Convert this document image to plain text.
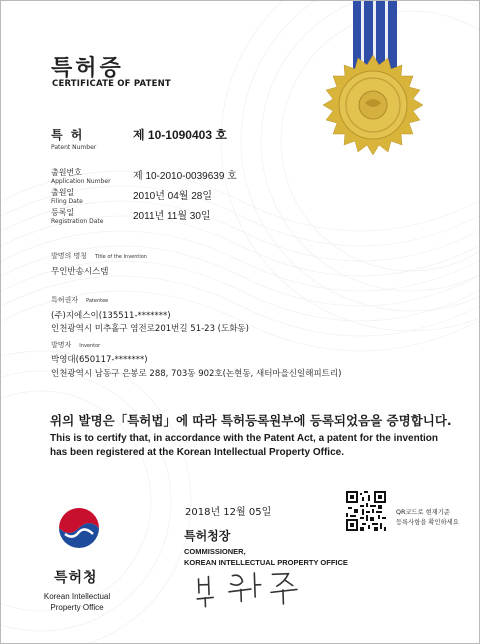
특허증
CERTIFICATE OF PATENT
특 허
Patent Number
제 10-1090403 호
출원번호
Application Number 제 10-2010-0039639 호
출원일
Filing Date	2010년 04월 28일
등록일
Registration Date	2011년 11월 30일
발명의 명칭 Title of the Invention
무인반송시스템
특허권자 Patentee
(주)지에스이(135511-*******)
인천광역시 미추홀구 염전로201번길 51-23 (도화동)
발명자 Inventor
박영대(650117-*******)
인천광역시 남동구 은봉로 288, 703동 902호(논현동, 새터마을신일해피트리)
위의 발명은「특허법」에 따라 특허등록원부에 등록되었음을 증명합니다.
This is to certify that, in accordance with the Patent Act, a patent for the invention
has been registered at the Korean Intellectual Property Office.
2018년 12월 05일	QR코드로 현재기준
등록사항을 확인하세요
특허청장
COMMISSIONER,
KOREAN INTELLECTUAL PROPERTY OFFICE
특허청
Korean Intellectual
Property Office
